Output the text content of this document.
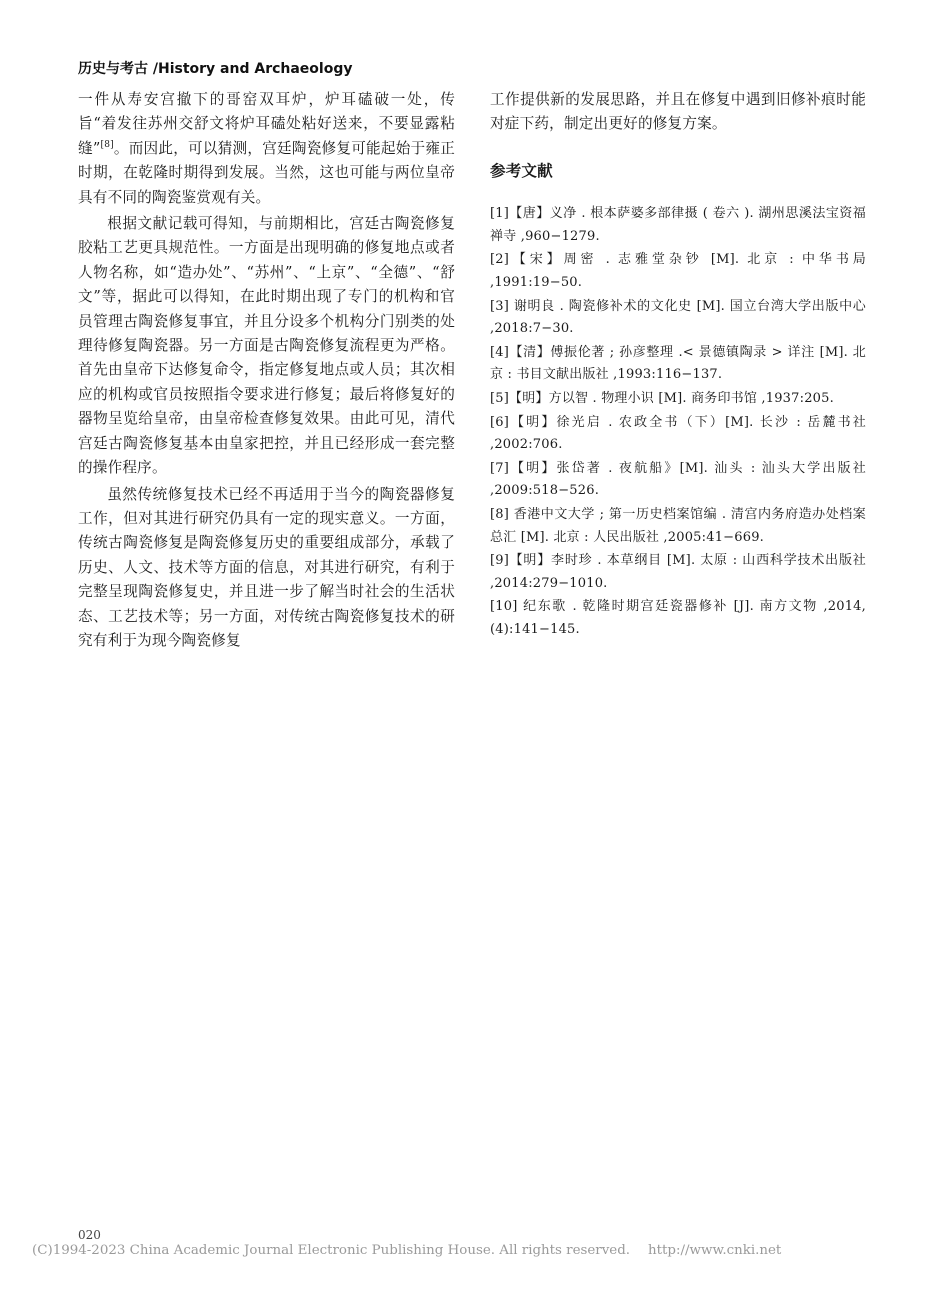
历史与考古 /History and Archaeology

一件从寿安宫撤下的哥窑双耳炉，炉耳磕破一处，传旨“着发往苏州交舒文将炉耳磕处粘好送来，不要显露粘缝”[8]。而因此，可以猜测，宫廷陶瓷修复可能起始于雍正时期，在乾隆时期得到发展。当然，这也可能与两位皇帝具有不同的陶瓷鉴赏观有关。

根据文献记载可得知，与前期相比，宫廷古陶瓷修复胶粘工艺更具规范性。一方面是出现明确的修复地点或者人物名称，如“造办处”、“苏州”、“上京”、“全德”、“舒文”等，据此可以得知，在此时期出现了专门的机构和官员管理古陶瓷修复事宜，并且分设多个机构分门别类的处理待修复陶瓷器。另一方面是古陶瓷修复流程更为严格。首先由皇帝下达修复命令，指定修复地点或人员；其次相应的机构或官员按照指令要求进行修复；最后将修复好的器物呈览给皇帝，由皇帝检查修复效果。由此可见，清代宫廷古陶瓷修复基本由皇家把控，并且已经形成一套完整的操作程序。

虽然传统修复技术已经不再适用于当今的陶瓷器修复工作，但对其进行研究仍具有一定的现实意义。一方面，传统古陶瓷修复是陶瓷修复历史的重要组成部分，承载了历史、人文、技术等方面的信息，对其进行研究，有利于完整呈现陶瓷修复史，并且进一步了解当时社会的生活状态、工艺技术等；另一方面，对传统古陶瓷修复技术的研究有利于为现今陶瓷修复

工作提供新的发展思路，并且在修复中遇到旧修补痕时能对症下药，制定出更好的修复方案。

参考文献
[1]【唐】义净 . 根本萨婆多部律摄 ( 卷六 ). 湖州思溪法宝资福禅寺 ,960−1279.
[2]【宋】周密 . 志雅堂杂钞 [M]. 北京 : 中华书局 ,1991:19−50.
[3] 谢明良 . 陶瓷修补术的文化史 [M]. 国立台湾大学出版中心 ,2018:7−30.
[4]【清】傅振伦著 ; 孙彦整理 .< 景德镇陶录 > 详注 [M]. 北京 : 书目文献出版社 ,1993:116−137.
[5]【明】方以智 . 物理小识 [M]. 商务印书馆 ,1937:205.
[6]【明】徐光启 . 农政全书（下）[M]. 长沙 : 岳麓书社 ,2002:706.
[7]【明】张岱著 . 夜航船》[M]. 汕头 : 汕头大学出版社 ,2009:518−526.
[8] 香港中文大学 ; 第一历史档案馆编 . 清宫内务府造办处档案总汇 [M]. 北京 : 人民出版社 ,2005:41−669.
[9]【明】李时珍 . 本草纲目 [M]. 太原 : 山西科学技术出版社 ,2014:279−1010.
[10] 纪东歌 . 乾隆时期宫廷瓷器修补 [J]. 南方文物 ,2014,(4):141−145.
020
(C)1994-2023 China Academic Journal Electronic Publishing House. All rights reserved. http://www.cnki.net
